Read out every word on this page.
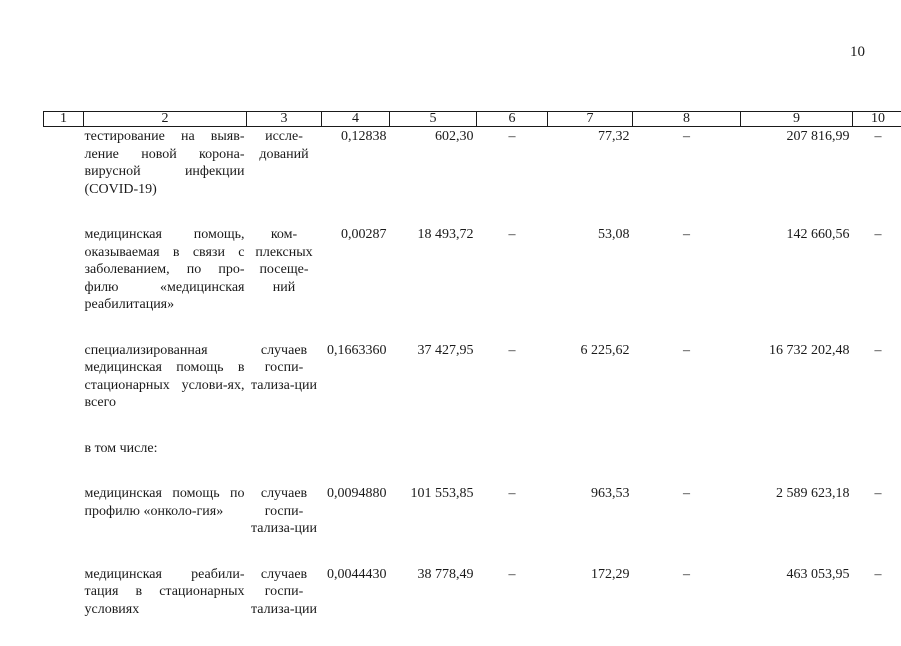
10
1	2	3	4	5	6	7	8	9	10
	тестирование на выяв-ление новой корона-вирусной инфекции (COVID-19)	иссле-дований	0,12838	602,30	–	77,32	–	207 816,99	–
	медицинская помощь, оказываемая в связи с заболеванием, по про-филю «медицинская реабилитация»	ком-плексных посеще-ний	0,00287	18 493,72	–	53,08	–	142 660,56	–
	специализированная медицинская помощь в стационарных услови-ях, всего	случаев госпи-тализа-ции	0,1663360	37 427,95	–	6 225,62	–	16 732 202,48	–
	в том числе:								
	медицинская помощь по профилю «онколо-гия»	случаев госпи-тализа-ции	0,0094880	101 553,85	–	963,53	–	2 589 623,18	–
	медицинская реабили-тация в стационарных условиях	случаев госпи-тализа-ции	0,0044430	38 778,49	–	172,29	–	463 053,95	–
